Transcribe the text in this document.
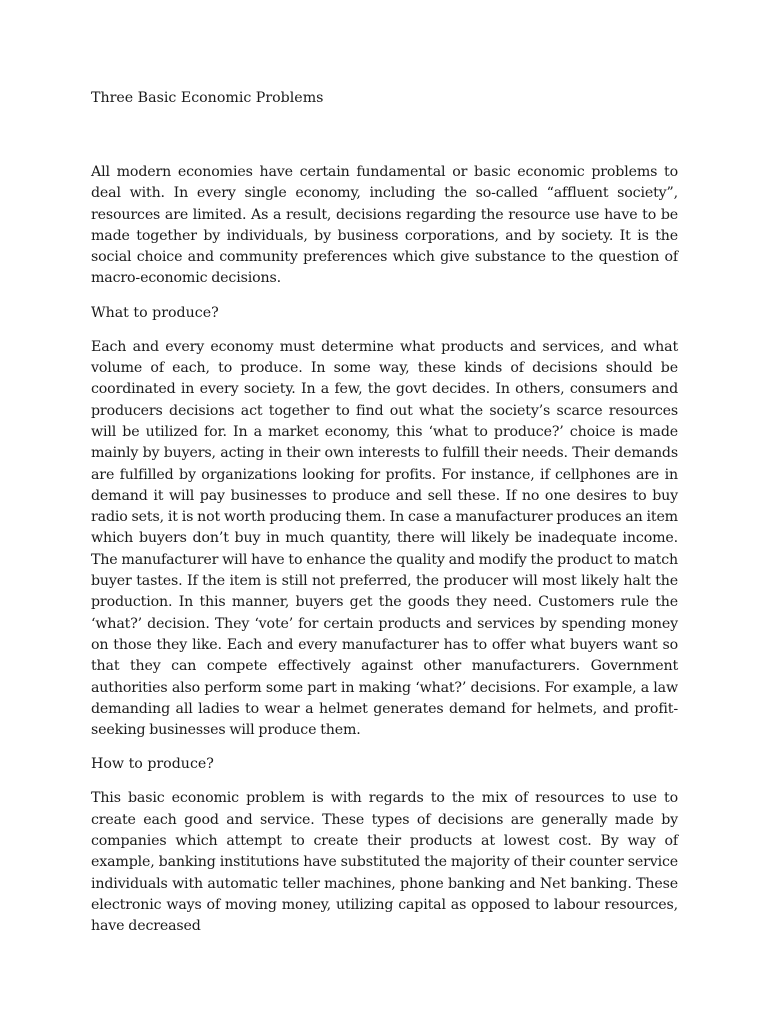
Three Basic Economic Problems

All modern economies have certain fundamental or basic economic problems to deal with. In every single economy, including the so-called “affluent society”, resources are limited. As a result, decisions regarding the resource use have to be made together by individuals, by business corporations, and by society. It is the social choice and community preferences which give substance to the question of macro-economic decisions.

What to produce?

Each and every economy must determine what products and services, and what volume of each, to produce. In some way, these kinds of decisions should be coordinated in every society. In a few, the govt decides. In others, consumers and producers decisions act together to find out what the society’s scarce resources will be utilized for. In a market economy, this ‘what to produce?’ choice is made mainly by buyers, acting in their own interests to fulfill their needs. Their demands are fulfilled by organizations looking for profits. For instance, if cellphones are in demand it will pay businesses to produce and sell these. If no one desires to buy radio sets, it is not worth producing them. In case a manufacturer produces an item which buyers don’t buy in much quantity, there will likely be inadequate income. The manufacturer will have to enhance the quality and modify the product to match buyer tastes. If the item is still not preferred, the producer will most likely halt the production. In this manner, buyers get the goods they need. Customers rule the ‘what?’ decision. They ‘vote’ for certain products and services by spending money on those they like. Each and every manufacturer has to offer what buyers want so that they can compete effectively against other manufacturers. Government authorities also perform some part in making ‘what?’ decisions. For example, a law demanding all ladies to wear a helmet generates demand for helmets, and profit-seeking businesses will produce them.

How to produce?

This basic economic problem is with regards to the mix of resources to use to create each good and service. These types of decisions are generally made by companies which attempt to create their products at lowest cost. By way of example, banking institutions have substituted the majority of their counter service individuals with automatic teller machines, phone banking and Net banking. These electronic ways of moving money, utilizing capital as opposed to labour resources, have decreased
